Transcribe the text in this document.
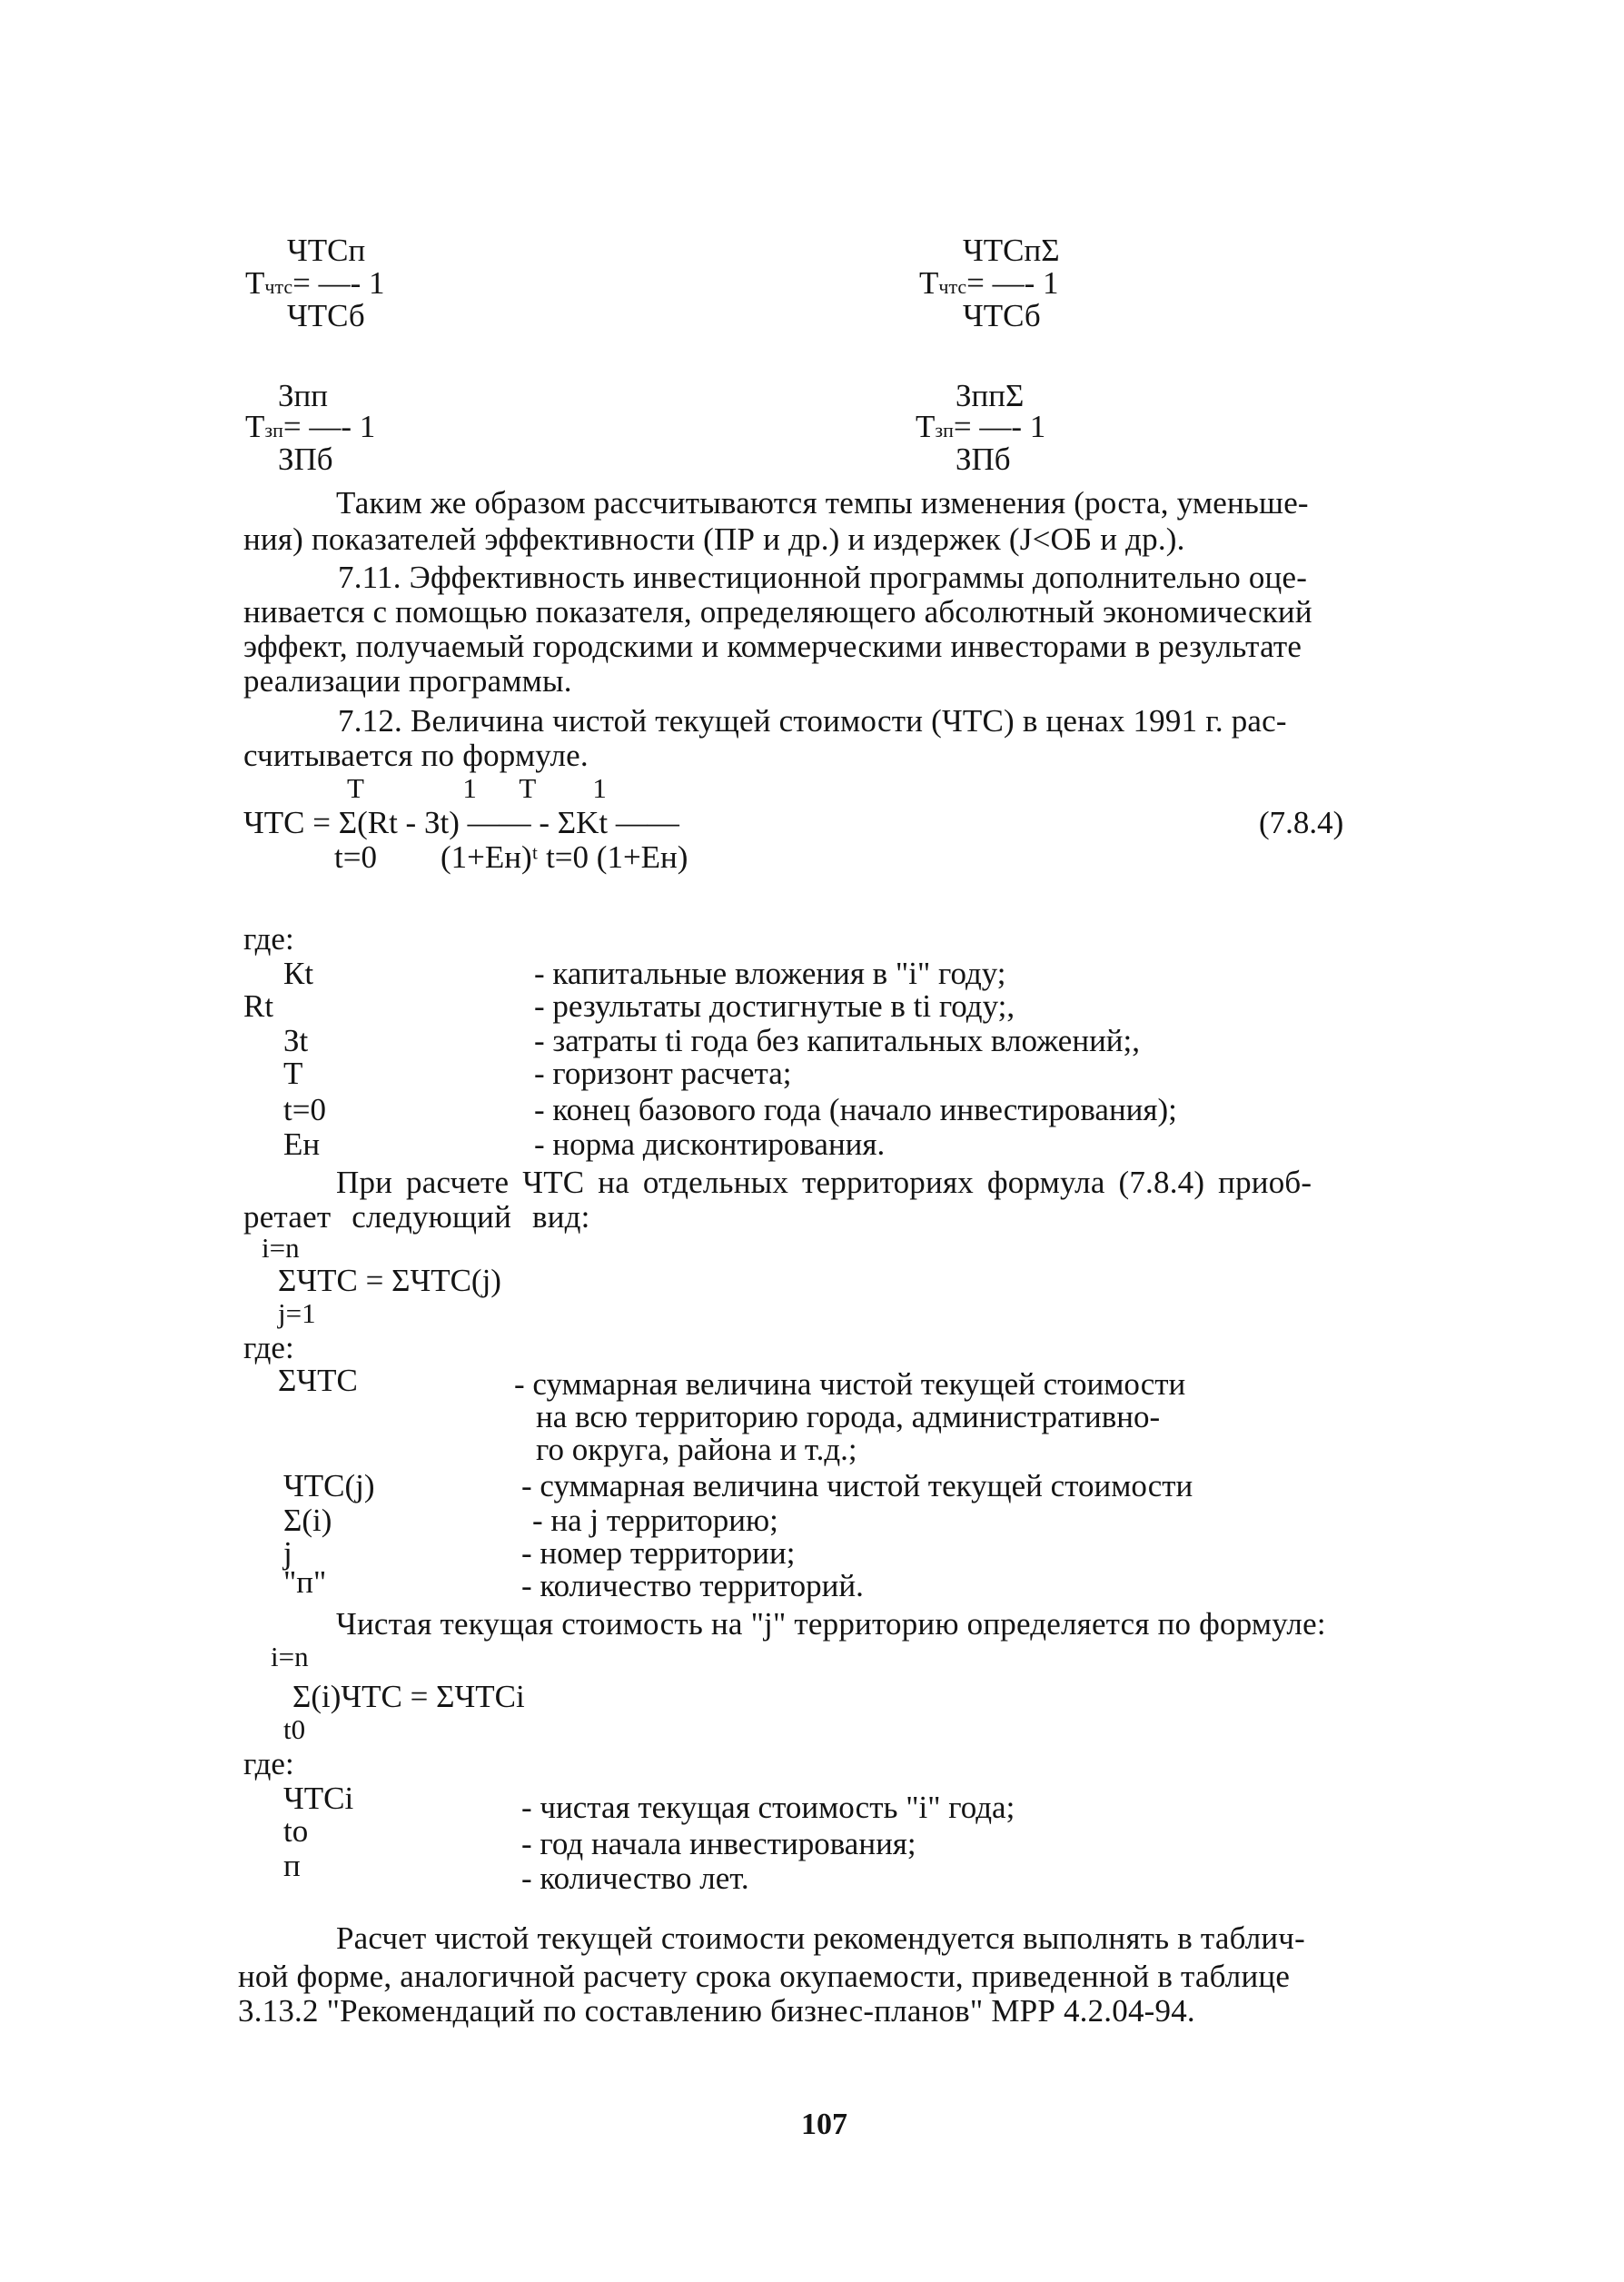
ЧТСп
Тчтс= —- 1
ЧТСб
ЧТСпΣ
Тчтс= —- 1
ЧТСб
Зпп
Тзп= —- 1
ЗПб
ЗппΣ
Тзп= —- 1
ЗПб
Таким же образом рассчитываются темпы изменения (роста, уменьше-
ния) показателей эффективности (ПР и др.) и издержек (J<ОБ и др.).
7.11. Эффективность инвестиционной программы дополнительно оце-
нивается с помощью показателя, определяющего абсолютный экономический
эффект, получаемый городскими и коммерческими инвесторами в результате
реализации программы.
7.12. Величина чистой текущей стоимости (ЧТС) в ценах 1991 г. рас-
считывается по формуле.
Т              1      Т        1
ЧТС = Σ(Rt - Зt) —— - ΣKt ——
t=0        (1+Ен)ᵗ t=0 (1+Ен)
(7.8.4)
где:
Кt	- капитальные вложения в "i" году;
Rt	- результаты достигнутые в ti году;,
Зt	- затраты ti года без капитальных вложений;,
Т	- горизонт расчета;
t=0	- конец базового года (начало инвестирования);
Ен	- норма дисконтирования.
При расчете ЧТС на отдельных территориях формула (7.8.4) приоб-
ретает следующий вид:
i=n
ΣЧТС = ΣЧТС(j)
j=1
где:
ΣЧТС	- суммарная величина чистой текущей стоимости
на всю территорию города, административно-
го округа, района и т.д.;
ЧТС(j)	- суммарная величина чистой текущей стоимости
Σ(i)	- на j территорию;
j	- номер территории;
"п"	- количество территорий.
Чистая текущая стоимость на "j" территорию определяется по формуле:
i=n
Σ(i)ЧТС = ΣЧТСi
t0
где:
ЧТСi	- чистая текущая стоимость "i" года;
to	- год начала инвестирования;
п	- количество лет.
Расчет чистой текущей стоимости рекомендуется выполнять в таблич-
ной форме, аналогичной расчету срока окупаемости, приведенной в таблице
3.13.2 "Рекомендаций по составлению бизнес-планов" МРР 4.2.04-94.
107
